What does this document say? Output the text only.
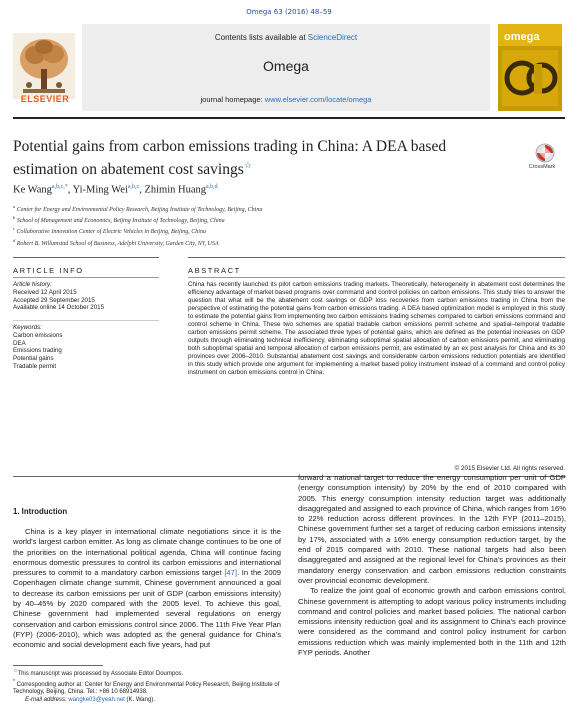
Omega 63 (2016) 48–59
Contents lists available at ScienceDirect
Omega
journal homepage: www.elsevier.com/locate/omega
ELSEVIER
omega
Potential gains from carbon emissions trading in China: A DEA based
estimation on abatement cost savings☆	CrossMark
Ke Wang$^{a,b,c,*}$, Yi-Ming Wei$^{a,b,c}$, Zhimin Huang$^{a,b,d}$
$^a$ Center for Energy and Environmental Policy Research, Beijing Institute of Technology, Beijing, China
$^b$ School of Management and Economics, Beijing Institute of Technology, Beijing, China
$^c$ Collaborative Innovation Center of Electric Vehicles in Beijing, Beijing, China
$^d$ Robert B. Willumstad School of Business, Adelphi University, Garden City, NY, USA
ARTICLE INFO	ABSTRACT
Article history:
Received 12 April 2015
Accepted 29 September 2015
Available online 14 October 2015
Keywords:
Carbon emissions
DEA
Emissions trading
Potential gains
Tradable permit
China has recently launched its pilot carbon emissions trading markets. Theoretically, heterogeneity in abatement cost determines the efficiency advantage of market based programs over command and control policies on carbon emissions. This study tries to answer the question that what will be the abatement cost savings or GDP loss recoveries from carbon emissions trading in China from the perspective of estimating the potential gains from carbon emissions trading. A DEA based optimization model is employed in this study to estimate the potential gains from implementing two carbon emissions trading schemes compared to carbon emissions command and control scheme in China. These two schemes are spatial tradable carbon emissions permit scheme and spatial–temporal tradable carbon emissions permit scheme. The associated three types of potential gains, which are defined as the potential increases on GDP outputs through eliminating technical inefficiency, eliminating suboptimal spatial allocation of carbon emissions permit, and eliminating both suboptimal spatial and temporal allocation of carbon emissions permit, are estimated by an ex post analysis for China and its 30 provinces over 2006–2010. Substantial abatement cost savings and considerable carbon emissions reduction potentials are identified in this study which provide one argument for implementing a market based policy instrument instead of a command and control policy instrument on carbon emissions control in China.
© 2015 Elsevier Ltd. All rights reserved.
1. Introduction
China is a key player in international climate negotiations since it is the world's largest carbon emitter. As long as climate change continues to be one of the priorities on the international political agenda, China will continue facing enormous domestic pressures to control its carbon emissions and international pressures to commit to a mandatory carbon emissions target [47]. In the 2009 Copenhagen climate change summit, Chinese government announced a goal to decrease its carbon emissions per unit of GDP (carbon emissions intensity) by 40–45% by 2020 compared with the 2005 level. To achieve this goal, Chinese government had implemented several regulations on energy conservation and carbon emissions control since 2006. The 11th Five Year Plan (FYP) (2006-2010), which was adopted as the general guidance for China's economic and social development each five years, had put
forward a national target to reduce the energy consumption per unit of GDP (energy consumption intensity) by 20% by the end of 2010 compared with 2005. This energy consumption intensity reduction target was additionally disaggregated and assigned to each province of China, which ranges from 16% to 22% reduction across different provinces. In the 12th FYP (2011–2015), Chinese government further set a target of reducing carbon emissions intensity by 17%, associated with a 16% energy consumption reduction target, by the end of 2015 compared with 2010. These national targets had also been disaggregated and assigned at the regional level for China's provinces as their mandatory energy conservation and carbon emissions reduction constraints over provincial economic development.
To realize the joint goal of economic growth and carbon emissions control, Chinese government is attempting to adopt various policy instruments including command and control policies and market based policies. The national carbon emissions intensity reduction goal and its assignment to China's each province were considered as the command and control policy instrument for carbon emissions reduction which was mainly implemented both in the 11th and 12th FYP periods. Another
☆This manuscript was processed by Associate Editor Doumpos.
* Corresponding author at: Center for Energy and Environmental Policy Research, Beijing Institute of Technology, Beijing, China. Tel.: +86 10 68914938.
E-mail address: wangke03@yeah.net (K. Wang).
